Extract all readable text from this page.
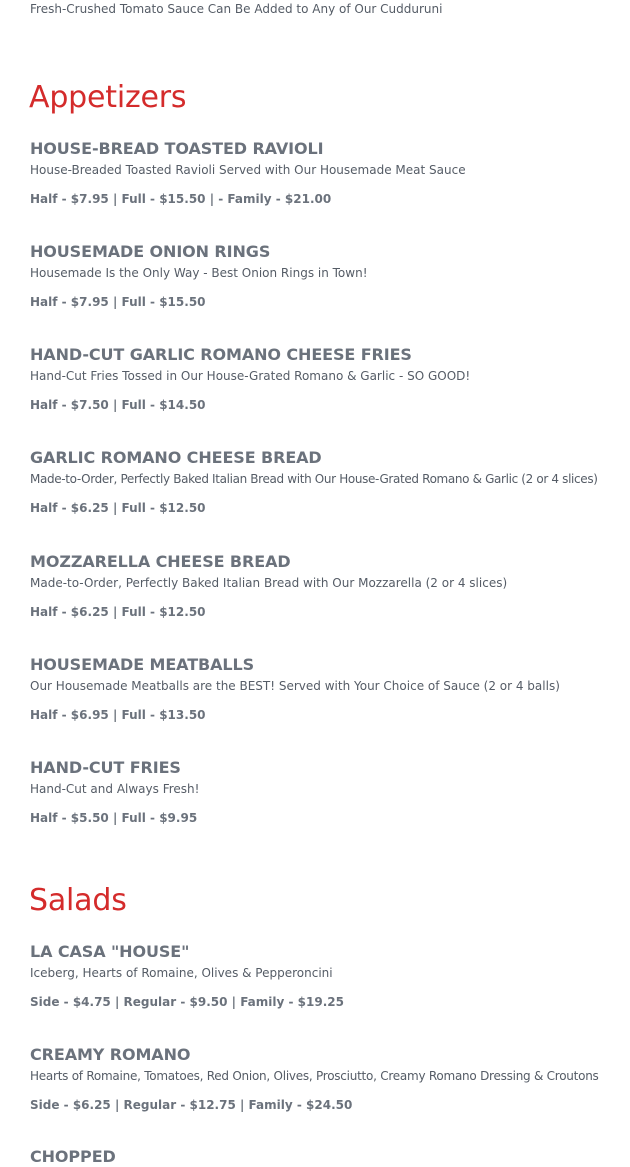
Fresh-Crushed Tomato Sauce Can Be Added to Any of Our Cudduruni
Appetizers
HOUSE-BREAD TOASTED RAVIOLI
House-Breaded Toasted Ravioli Served with Our Housemade Meat Sauce
Half - $7.95 | Full - $15.50 | - Family - $21.00
HOUSEMADE ONION RINGS
Housemade Is the Only Way - Best Onion Rings in Town!
Half - $7.95 | Full - $15.50
HAND-CUT GARLIC ROMANO CHEESE FRIES
Hand-Cut Fries Tossed in Our House-Grated Romano & Garlic - SO GOOD!
Half - $7.50 | Full - $14.50
GARLIC ROMANO CHEESE BREAD
Made-to-Order, Perfectly Baked Italian Bread with Our House-Grated Romano & Garlic (2 or 4 slices)
Half - $6.25 | Full - $12.50
MOZZARELLA CHEESE BREAD
Made-to-Order, Perfectly Baked Italian Bread with Our Mozzarella (2 or 4 slices)
Half - $6.25 | Full - $12.50
HOUSEMADE MEATBALLS
Our Housemade Meatballs are the BEST! Served with Your Choice of Sauce (2 or 4 balls)
Half - $6.95 | Full - $13.50
HAND-CUT FRIES
Hand-Cut and Always Fresh!
Half - $5.50 | Full - $9.95
Salads
LA CASA "HOUSE"
Iceberg, Hearts of Romaine, Olives & Pepperoncini
Side - $4.75 | Regular - $9.50 | Family - $19.25
CREAMY ROMANO
Hearts of Romaine, Tomatoes, Red Onion, Olives, Prosciutto, Creamy Romano Dressing & Croutons
Side - $6.25 | Regular - $12.75 | Family - $24.50
CHOPPED
